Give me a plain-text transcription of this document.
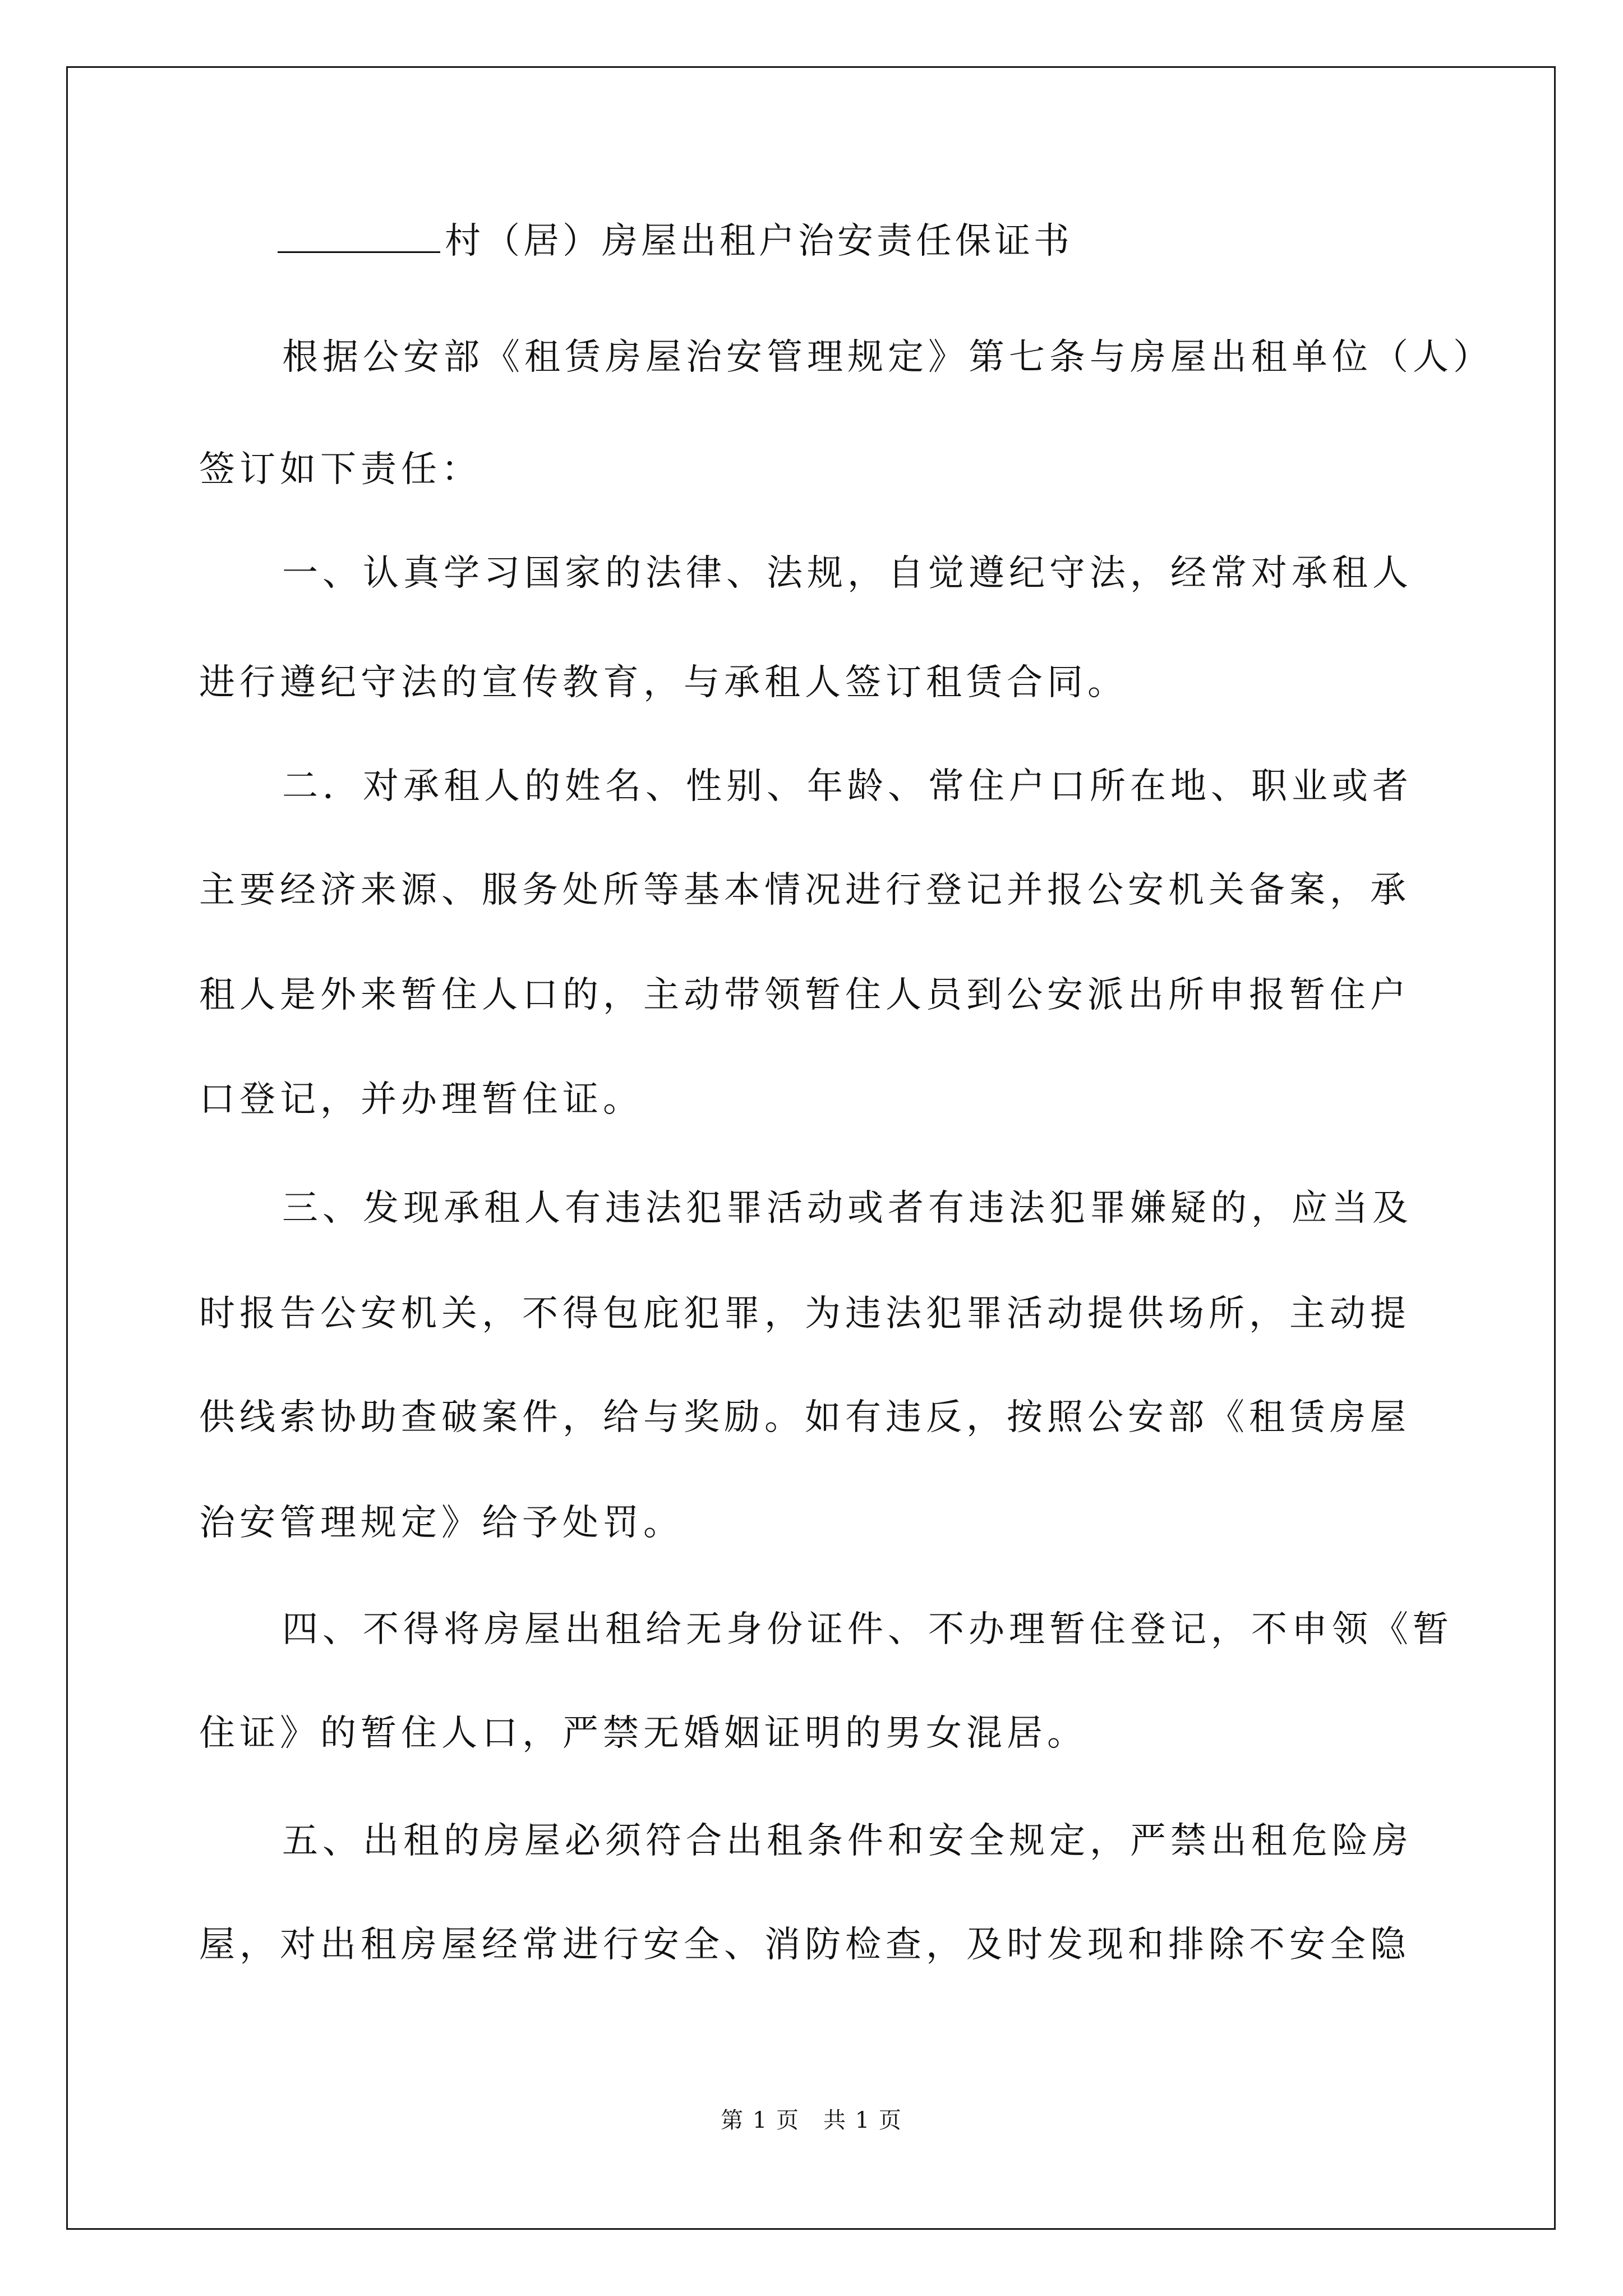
村（居）房屋出租户治安责任保证书
根据公安部《租赁房屋治安管理规定》第七条与房屋出租单位（人）
签订如下责任：
一、认真学习国家的法律、法规，自觉遵纪守法，经常对承租人
进行遵纪守法的宣传教育，与承租人签订租赁合同。
二．对承租人的姓名、性别、年龄、常住户口所在地、职业或者
主要经济来源、服务处所等基本情况进行登记并报公安机关备案，承
租人是外来暂住人口的，主动带领暂住人员到公安派出所申报暂住户
口登记，并办理暂住证。
三、发现承租人有违法犯罪活动或者有违法犯罪嫌疑的，应当及
时报告公安机关，不得包庇犯罪，为违法犯罪活动提供场所，主动提
供线索协助查破案件，给与奖励。如有违反，按照公安部《租赁房屋
治安管理规定》给予处罚。
四、不得将房屋出租给无身份证件、不办理暂住登记，不申领《暂
住证》的暂住人口，严禁无婚姻证明的男女混居。
五、出租的房屋必须符合出租条件和安全规定，严禁出租危险房
屋，对出租房屋经常进行安全、消防检查，及时发现和排除不安全隐
第 1 页　共 1 页
